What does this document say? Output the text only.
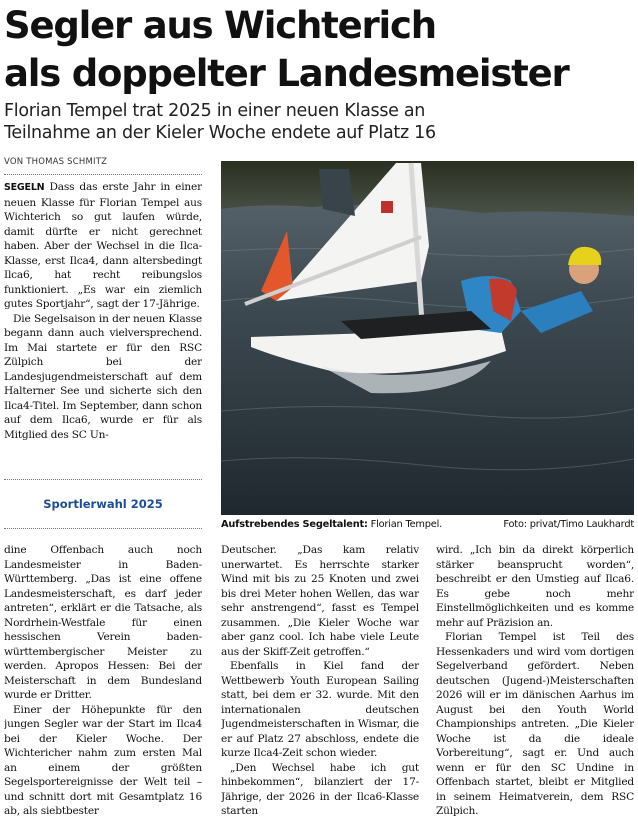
Segler aus Wichterich
als doppelter Landesmeister
Florian Tempel trat 2025 in einer neuen Klasse an
Teilnahme an der Kieler Woche endete auf Platz 16
VON THOMAS SCHMITZ

SEGELN Dass das erste Jahr in einer neuen Klasse für Florian Tempel aus Wichterich so gut laufen würde, damit dürfte er nicht gerechnet haben. Aber der Wechsel in die Ilca-Klasse, erst Ilca4, dann altersbedingt Ilca6, hat recht reibungslos funktioniert. „Es war ein ziemlich gutes Sportjahr“, sagt der 17-Jährige.

Die Segelsaison in der neuen Klasse begann dann auch vielversprechend. Im Mai startete er für den RSC Zülpich bei der Landesjugendmeisterschaft auf dem Halterner See und sicherte sich den Ilca4-Titel. Im September, dann schon auf dem Ilca6, wurde er für als Mitglied des SC Un-

Sportlerwahl 2025
Aufstrebendes Segeltalent: Florian Tempel.	Foto: privat/Timo Laukhardt

dine Offenbach auch noch Landesmeister in Baden-Württemberg. „Das ist eine offene Landesmeisterschaft, es darf jeder antreten“, erklärt er die Tatsache, als Nordrhein-Westfale für einen hessischen Verein baden-württembergischer Meister zu werden. Apropos Hessen: Bei der Meisterschaft in dem Bundesland wurde er Dritter.

Einer der Höhepunkte für den jungen Segler war der Start im Ilca4 bei der Kieler Woche. Der Wichtericher nahm zum ersten Mal an einem der größten Segelsportereignisse der Welt teil – und schnitt dort mit Gesamtplatz 16 ab, als siebtbester

Deutscher. „Das kam relativ unerwartet. Es herrschte starker Wind mit bis zu 25 Knoten und zwei bis drei Meter hohen Wellen, das war sehr anstrengend“, fasst es Tempel zusammen. „Die Kieler Woche war aber ganz cool. Ich habe viele Leute aus der Skiff-Zeit getroffen.“

Ebenfalls in Kiel fand der Wettbewerb Youth European Sailing statt, bei dem er 32. wurde. Mit den internationalen deutschen Jugendmeisterschaften in Wismar, die er auf Platz 27 abschloss, endete die kurze Ilca4-Zeit schon wieder.

„Den Wechsel habe ich gut hinbekommen“, bilanziert der 17-Jährige, der 2026 in der Ilca6-Klasse starten

wird. „Ich bin da direkt körperlich stärker beansprucht worden“, beschreibt er den Umstieg auf Ilca6. Es gebe noch mehr Einstellmöglichkeiten und es komme mehr auf Präzision an.

Florian Tempel ist Teil des Hessenkaders und wird vom dortigen Segelverband gefördert. Neben deutschen (Jugend-)Meisterschaften 2026 will er im dänischen Aarhus im August bei den Youth World Championships antreten. „Die Kieler Woche ist da die ideale Vorbereitung“, sagt er. Und auch wenn er für den SC Undine in Offenbach startet, bleibt er Mitglied in seinem Heimatverein, dem RSC Zülpich.
